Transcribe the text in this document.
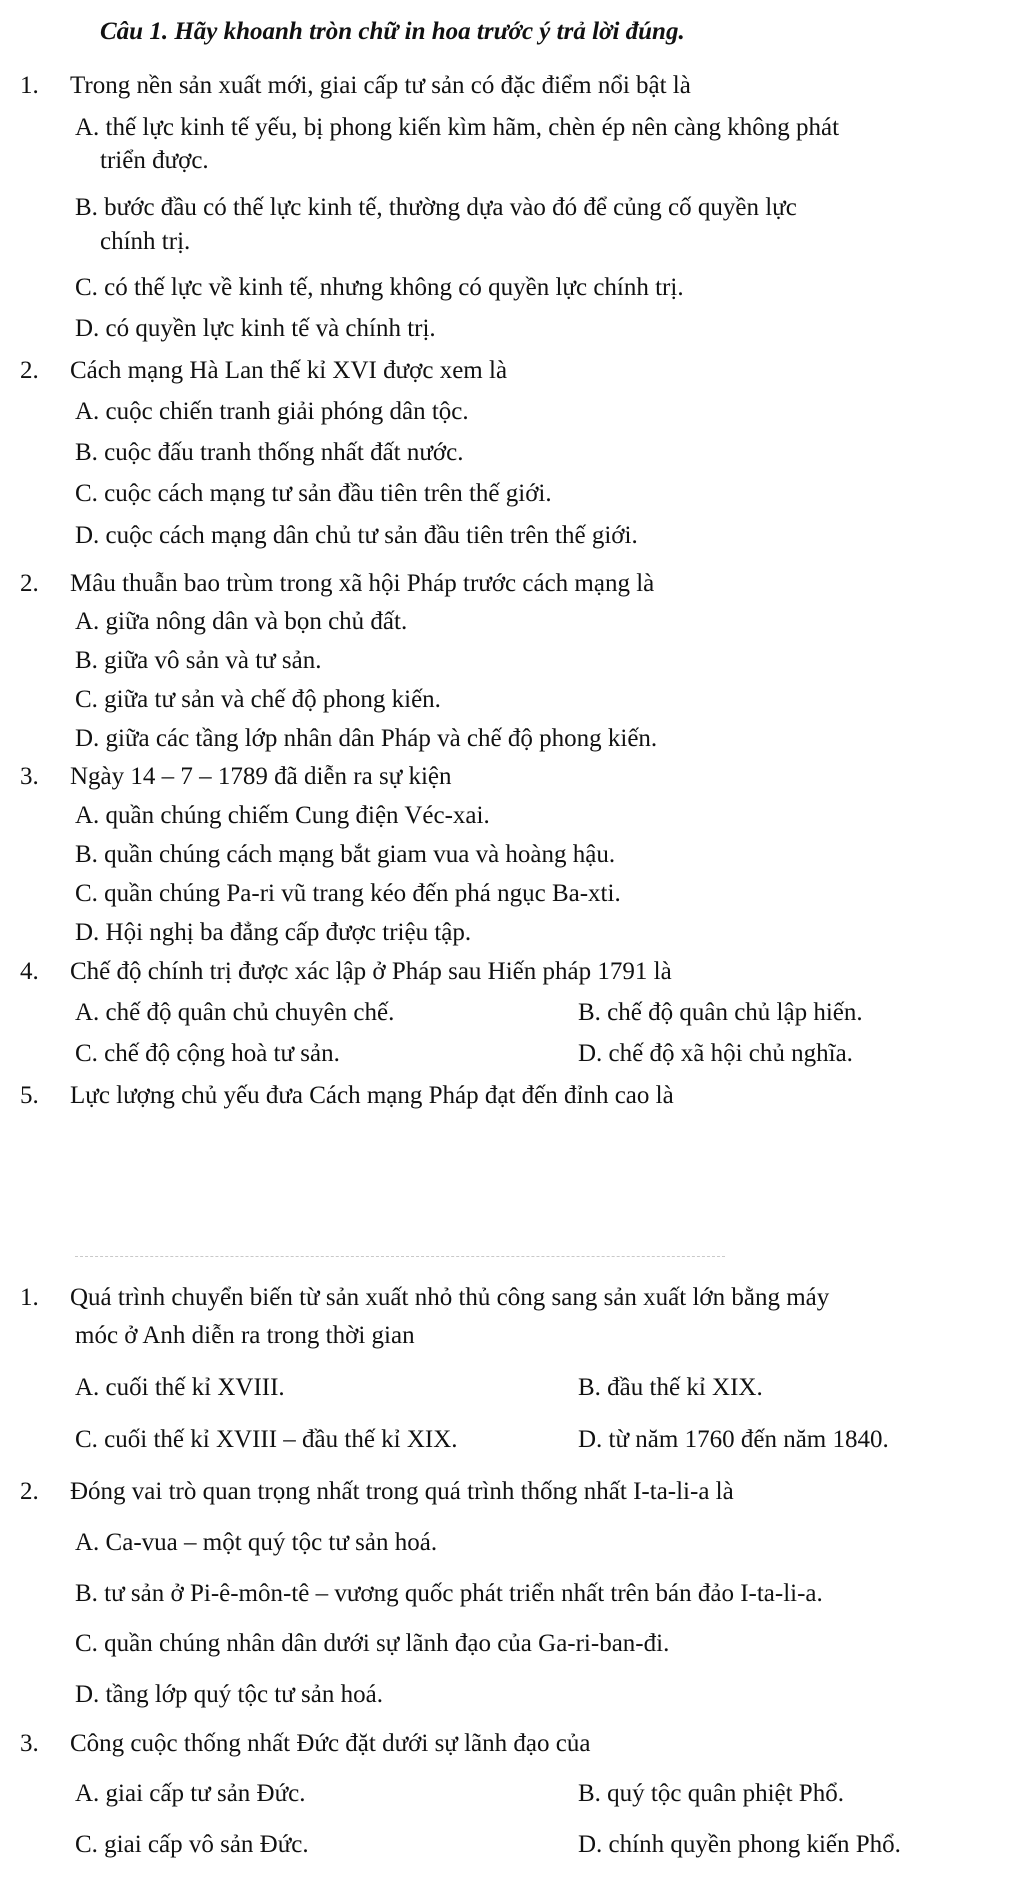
Câu 1. Hãy khoanh tròn chữ in hoa trước ý trả lời đúng.
1. Trong nền sản xuất mới, giai cấp tư sản có đặc điểm nổi bật là
A. thế lực kinh tế yếu, bị phong kiến kìm hãm, chèn ép nên càng không phát
triển được.
B. bước đầu có thế lực kinh tế, thường dựa vào đó để củng cố quyền lực
chính trị.
C. có thế lực về kinh tế, nhưng không có quyền lực chính trị.
D. có quyền lực kinh tế và chính trị.
2. Cách mạng Hà Lan thế kỉ XVI được xem là
A. cuộc chiến tranh giải phóng dân tộc.
B. cuộc đấu tranh thống nhất đất nước.
C. cuộc cách mạng tư sản đầu tiên trên thế giới.
D. cuộc cách mạng dân chủ tư sản đầu tiên trên thế giới.
2. Mâu thuẫn bao trùm trong xã hội Pháp trước cách mạng là
A. giữa nông dân và bọn chủ đất.
B. giữa vô sản và tư sản.
C. giữa tư sản và chế độ phong kiến.
D. giữa các tầng lớp nhân dân Pháp và chế độ phong kiến.
3. Ngày 14 – 7 – 1789 đã diễn ra sự kiện
A. quần chúng chiếm Cung điện Véc-xai.
B. quần chúng cách mạng bắt giam vua và hoàng hậu.
C. quần chúng Pa-ri vũ trang kéo đến phá ngục Ba-xti.
D. Hội nghị ba đẳng cấp được triệu tập.
4. Chế độ chính trị được xác lập ở Pháp sau Hiến pháp 1791 là
A. chế độ quân chủ chuyên chế.	B. chế độ quân chủ lập hiến.
C. chế độ cộng hoà tư sản.	D. chế độ xã hội chủ nghĩa.
5. Lực lượng chủ yếu đưa Cách mạng Pháp đạt đến đỉnh cao là
1. Quá trình chuyển biến từ sản xuất nhỏ thủ công sang sản xuất lớn bằng máy
móc ở Anh diễn ra trong thời gian
A. cuối thế kỉ XVIII.	B. đầu thế kỉ XIX.
C. cuối thế kỉ XVIII – đầu thế kỉ XIX.	D. từ năm 1760 đến năm 1840.
2. Đóng vai trò quan trọng nhất trong quá trình thống nhất I-ta-li-a là
A. Ca-vua – một quý tộc tư sản hoá.
B. tư sản ở Pi-ê-môn-tê – vương quốc phát triển nhất trên bán đảo I-ta-li-a.
C. quần chúng nhân dân dưới sự lãnh đạo của Ga-ri-ban-đi.
D. tầng lớp quý tộc tư sản hoá.
3. Công cuộc thống nhất Đức đặt dưới sự lãnh đạo của
A. giai cấp tư sản Đức.	B. quý tộc quân phiệt Phổ.
C. giai cấp vô sản Đức.	D. chính quyền phong kiến Phổ.
